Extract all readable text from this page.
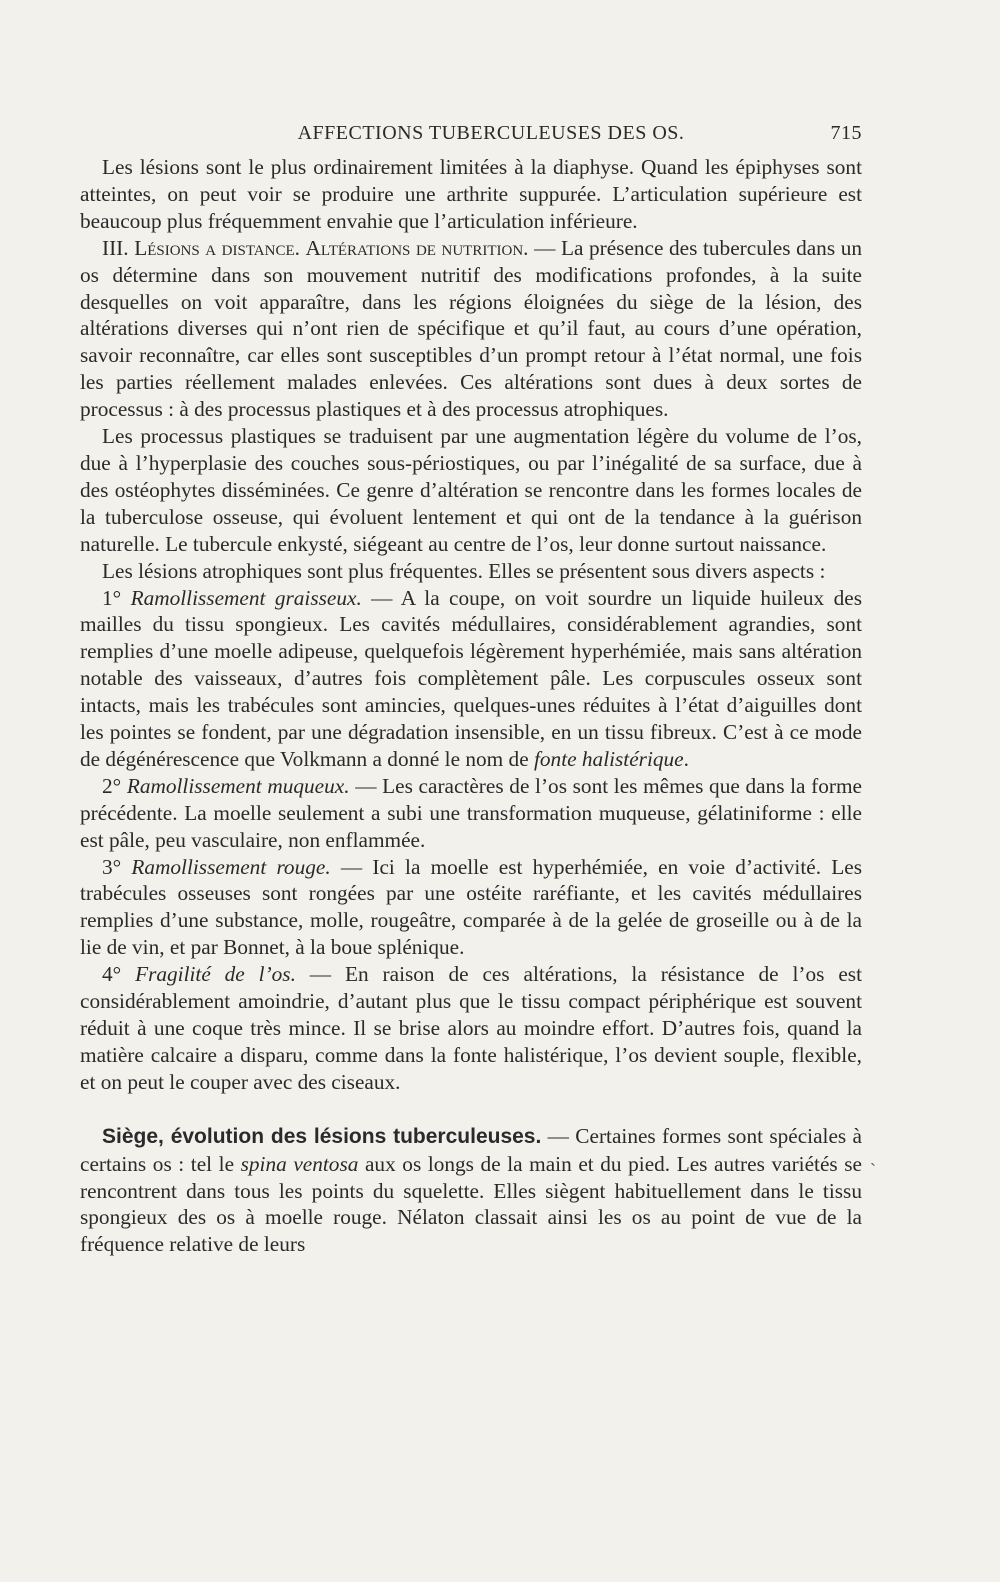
AFFECTIONS TUBERCULEUSES DES OS.	715

Les lésions sont le plus ordinairement limitées à la diaphyse. Quand les épiphyses sont atteintes, on peut voir se produire une arthrite suppurée. L’articulation supérieure est beaucoup plus fréquemment envahie que l’articulation inférieure.

III. Lésions a distance. Altérations de nutrition. — La présence des tubercules dans un os détermine dans son mouvement nutritif des modifications profondes, à la suite desquelles on voit apparaître, dans les régions éloignées du siège de la lésion, des altérations diverses qui n’ont rien de spécifique et qu’il faut, au cours d’une opération, savoir reconnaître, car elles sont susceptibles d’un prompt retour à l’état normal, une fois les parties réellement malades enlevées. Ces altérations sont dues à deux sortes de processus : à des processus plastiques et à des processus atrophiques.

Les processus plastiques se traduisent par une augmentation légère du volume de l’os, due à l’hyperplasie des couches sous-périostiques, ou par l’inégalité de sa surface, due à des ostéophytes disséminées. Ce genre d’altération se rencontre dans les formes locales de la tuberculose osseuse, qui évoluent lentement et qui ont de la tendance à la guérison naturelle. Le tubercule enkysté, siégeant au centre de l’os, leur donne surtout naissance.

Les lésions atrophiques sont plus fréquentes. Elles se présentent sous divers aspects :

1° Ramollissement graisseux. — A la coupe, on voit sourdre un liquide huileux des mailles du tissu spongieux. Les cavités médullaires, considérablement agrandies, sont remplies d’une moelle adipeuse, quelquefois légèrement hyperhémiée, mais sans altération notable des vaisseaux, d’autres fois complètement pâle. Les corpuscules osseux sont intacts, mais les trabécules sont amincies, quelques-unes réduites à l’état d’aiguilles dont les pointes se fondent, par une dégradation insensible, en un tissu fibreux. C’est à ce mode de dégénérescence que Volkmann a donné le nom de fonte halistérique.

2° Ramollissement muqueux. — Les caractères de l’os sont les mêmes que dans la forme précédente. La moelle seulement a subi une transformation muqueuse, gélatiniforme : elle est pâle, peu vasculaire, non enflammée.

3° Ramollissement rouge. — Ici la moelle est hyperhémiée, en voie d’activité. Les trabécules osseuses sont rongées par une ostéite raréfiante, et les cavités médullaires remplies d’une substance, molle, rougeâtre, comparée à de la gelée de groseille ou à de la lie de vin, et par Bonnet, à la boue splénique.

4° Fragilité de l’os. — En raison de ces altérations, la résistance de l’os est considérablement amoindrie, d’autant plus que le tissu compact périphérique est souvent réduit à une coque très mince. Il se brise alors au moindre effort. D’autres fois, quand la matière calcaire a disparu, comme dans la fonte halistérique, l’os devient souple, flexible, et on peut le couper avec des ciseaux.

Siège, évolution des lésions tuberculeuses. — Certaines formes sont spéciales à certains os : tel le spina ventosa aux os longs de la main et du pied. Les autres variétés se rencontrent dans tous les points du squelette. Elles siègent habituellement dans le tissu spongieux des os à moelle rouge. Nélaton classait ainsi les os au point de vue de la fréquence relative de leurs

ˏ
